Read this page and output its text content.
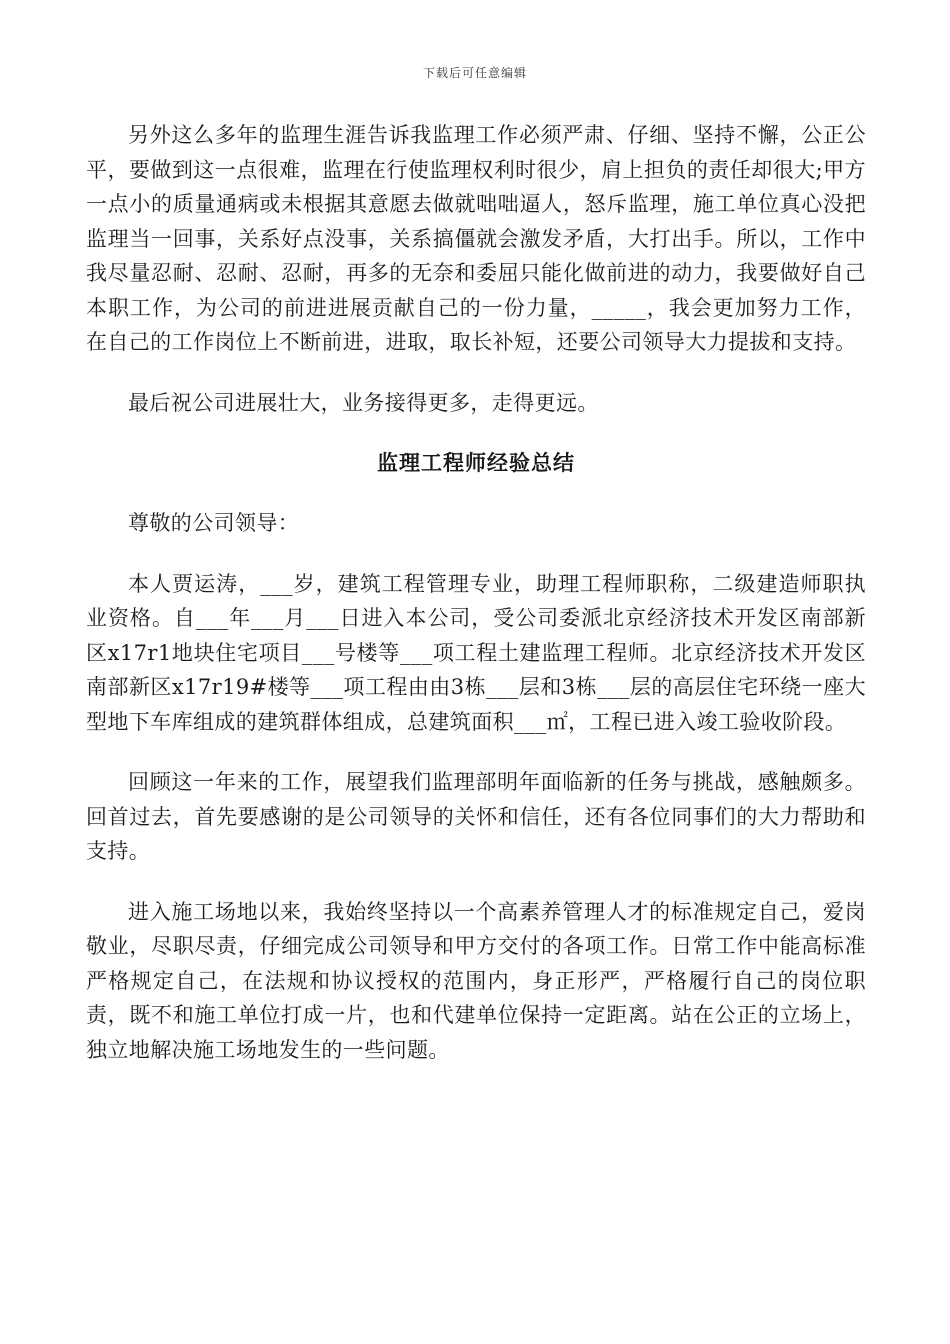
下载后可任意编辑

另外这么多年的监理生涯告诉我监理工作必须严肃、仔细、坚持不懈，公正公平，要做到这一点很难，监理在行使监理权利时很少，肩上担负的责任却很大;甲方一点小的质量通病或未根据其意愿去做就咄咄逼人，怒斥监理，施工单位真心没把监理当一回事，关系好点没事，关系搞僵就会激发矛盾，大打出手。所以，工作中我尽量忍耐、忍耐、忍耐，再多的无奈和委屈只能化做前进的动力，我要做好自己本职工作，为公司的前进进展贡献自己的一份力量，_____，我会更加努力工作，在自己的工作岗位上不断前进，进取，取长补短，还要公司领导大力提拔和支持。

最后祝公司进展壮大，业务接得更多，走得更远。

监理工程师经验总结

尊敬的公司领导：

本人贾运涛，___岁，建筑工程管理专业，助理工程师职称，二级建造师职执业资格。自___年___月___日进入本公司，受公司委派北京经济技术开发区南部新区x17r1地块住宅项目___号楼等___项工程土建监理工程师。北京经济技术开发区南部新区x17r19#楼等___项工程由由3栋___层和3栋___层的高层住宅环绕一座大型地下车库组成的建筑群体组成，总建筑面积___㎡，工程已进入竣工验收阶段。

回顾这一年来的工作，展望我们监理部明年面临新的任务与挑战，感触颇多。回首过去，首先要感谢的是公司领导的关怀和信任，还有各位同事们的大力帮助和支持。

进入施工场地以来，我始终坚持以一个高素养管理人才的标准规定自己，爱岗敬业，尽职尽责，仔细完成公司领导和甲方交付的各项工作。日常工作中能高标准严格规定自己，在法规和协议授权的范围内，身正形严，严格履行自己的岗位职责，既不和施工单位打成一片，也和代建单位保持一定距离。站在公正的立场上，独立地解决施工场地发生的一些问题。
